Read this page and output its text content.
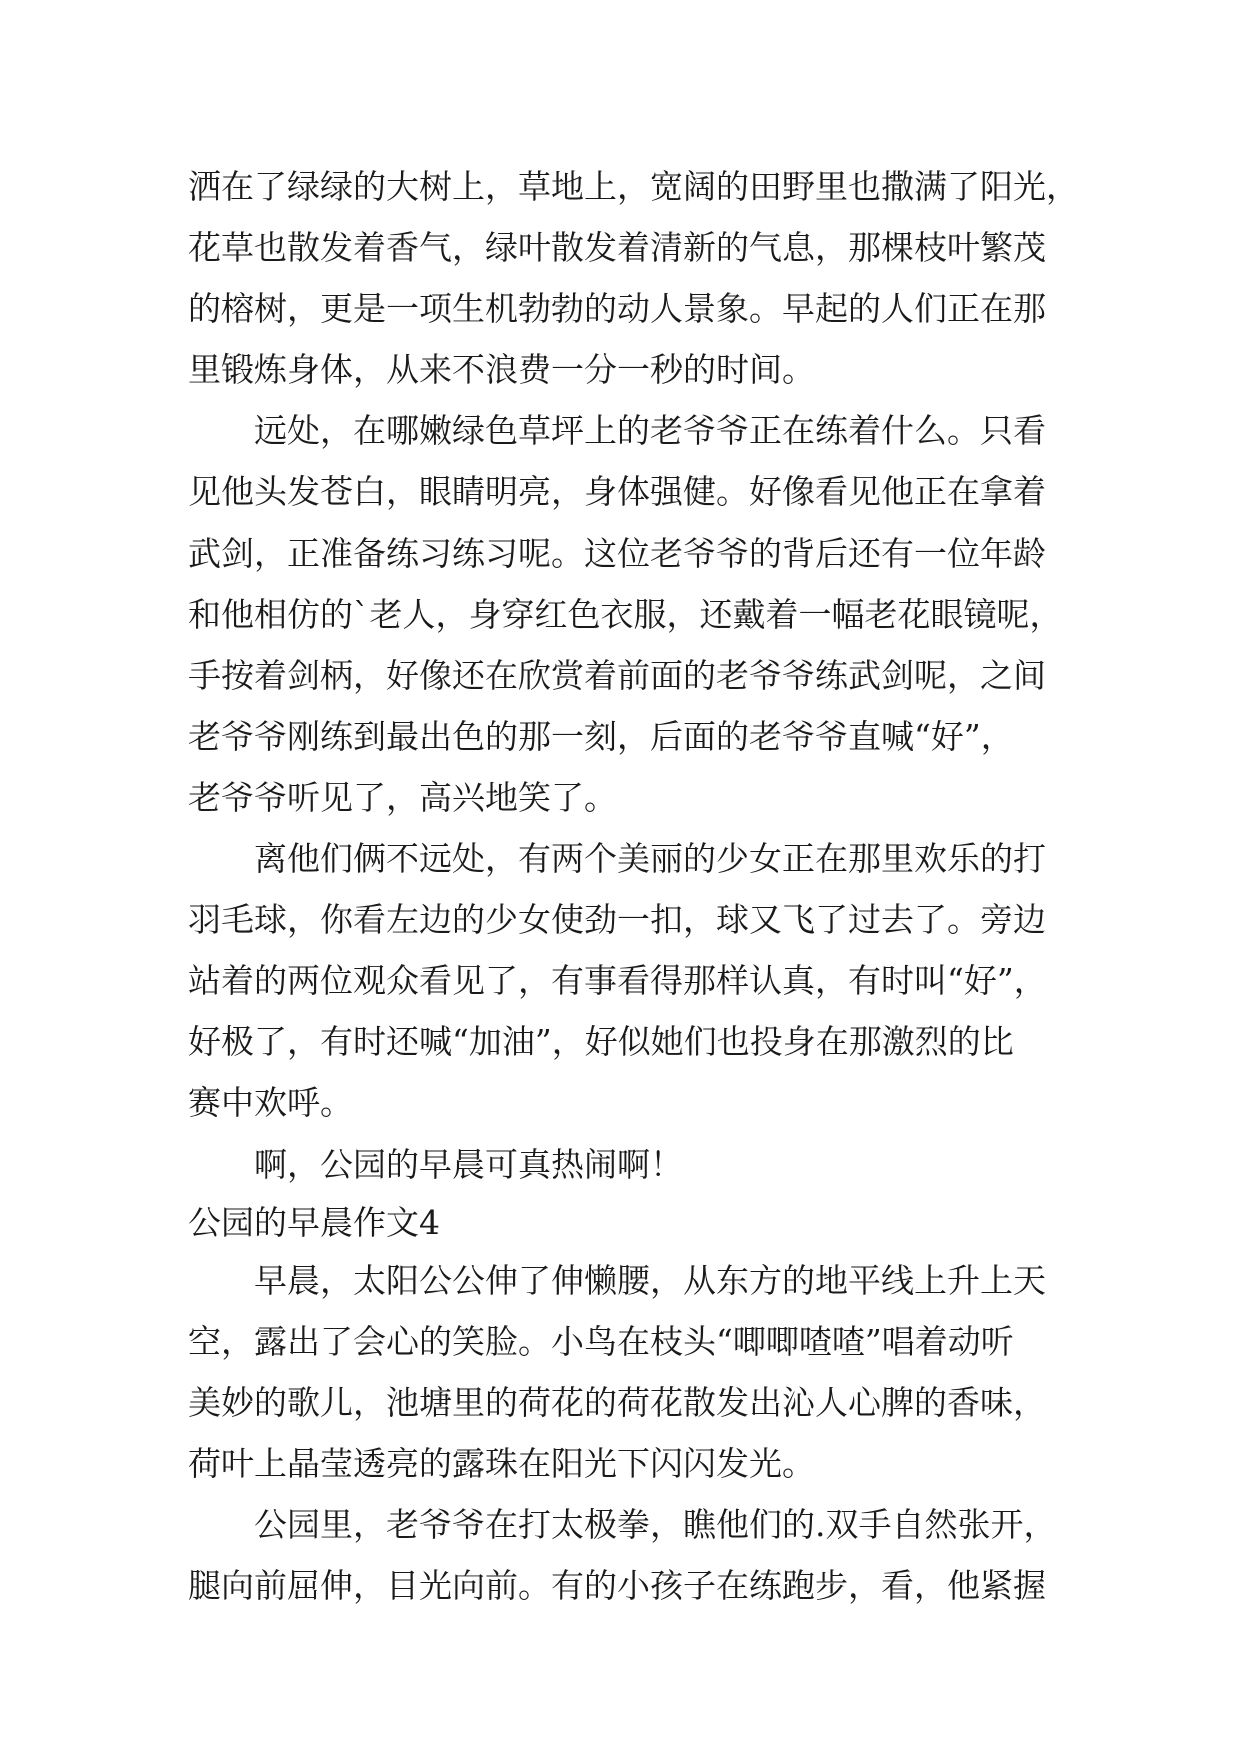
洒在了绿绿的大树上，草地上，宽阔的田野里也撒满了阳光，
花草也散发着香气，绿叶散发着清新的气息，那棵枝叶繁茂
的榕树，更是一项生机勃勃的动人景象。早起的人们正在那
里锻炼身体，从来不浪费一分一秒的时间。
远处，在哪嫩绿色草坪上的老爷爷正在练着什么。只看
见他头发苍白，眼睛明亮，身体强健。好像看见他正在拿着
武剑，正准备练习练习呢。这位老爷爷的背后还有一位年龄
和他相仿的`老人，身穿红色衣服，还戴着一幅老花眼镜呢，
手按着剑柄，好像还在欣赏着前面的老爷爷练武剑呢，之间
老爷爷刚练到最出色的那一刻，后面的老爷爷直喊“好”，
老爷爷听见了，高兴地笑了。
离他们俩不远处，有两个美丽的少女正在那里欢乐的打
羽毛球，你看左边的少女使劲一扣，球又飞了过去了。旁边
站着的两位观众看见了，有事看得那样认真，有时叫“好”，
好极了，有时还喊“加油”，好似她们也投身在那激烈的比
赛中欢呼。
啊，公园的早晨可真热闹啊！
公园的早晨作文4
早晨，太阳公公伸了伸懒腰，从东方的地平线上升上天
空，露出了会心的笑脸。小鸟在枝头“唧唧喳喳”唱着动听
美妙的歌儿，池塘里的荷花的荷花散发出沁人心脾的香味，
荷叶上晶莹透亮的露珠在阳光下闪闪发光。
公园里，老爷爷在打太极拳，瞧他们的.双手自然张开，
腿向前屈伸，目光向前。有的小孩子在练跑步，看，他紧握
